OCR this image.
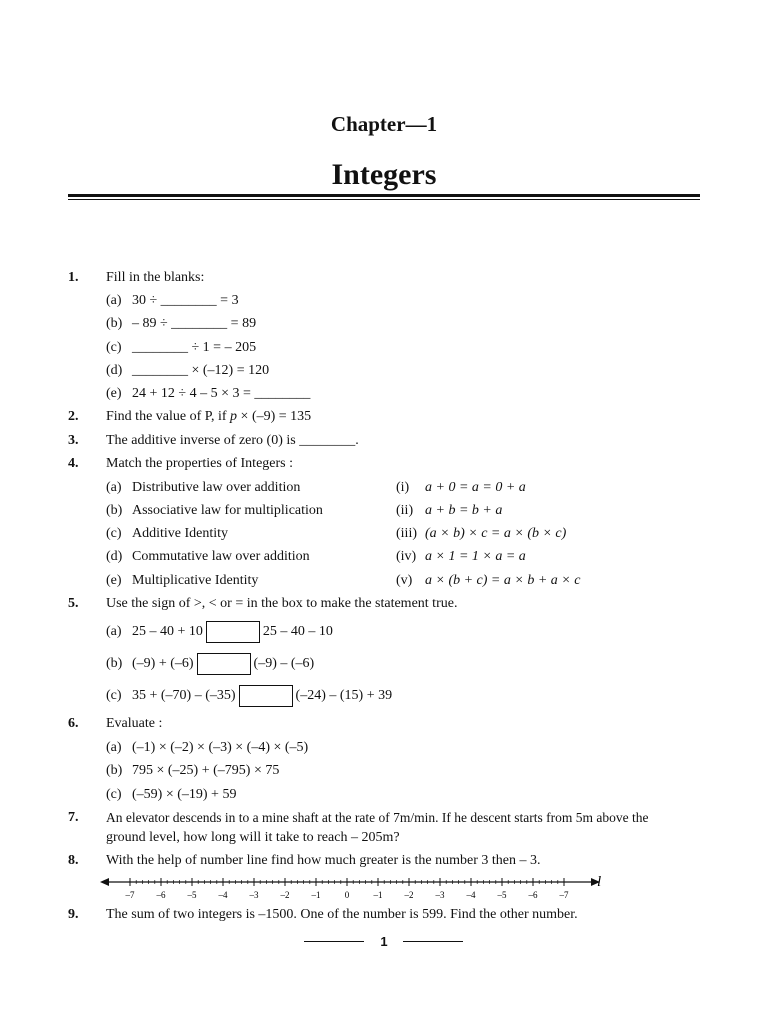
Chapter—1
Integers
1. Fill in the blanks:
(a) 30 ÷ ________ = 3
(b) – 89 ÷ ________ = 89
(c) ________ ÷ 1 = – 205
(d) ________ × (–12) = 120
(e) 24 + 12 ÷ 4 – 5 × 3 = ________
2. Find the value of P, if p × (–9) = 135
3. The additive inverse of zero (0) is ________.
4. Match the properties of Integers :
(a) Distributive law over addition	(i) a + 0 = a = 0 + a
(b) Associative law for multiplication	(ii) a + b = b + a
(c) Additive Identity	(iii) (a × b) × c = a × (b × c)
(d) Commutative law over addition	(iv) a × 1 = 1 × a = a
(e) Multiplicative Identity	(v) a × (b + c) = a × b + a × c
5. Use the sign of >, < or = in the box to make the statement true.
(a) 25 – 40 + 10	25 – 40 – 10
(b) (–9) + (–6)	(–9) – (–6)
(c) 35 + (–70) – (–35)	(–24) – (15) + 39
6. Evaluate :
(a) (–1) × (–2) × (–3) × (–4) × (–5)
(b) 795 × (–25) + (–795) × 75
(c) (–59) × (–19) + 59
7. An elevator descends in to a mine shaft at the rate of 7m/min. If he descent starts from 5m above the
ground level, how long will it take to reach – 205m?
8. With the help of number line find how much greater is the number 3 then – 3.
–7 –6 –5 –4 –3 –2 –1	0	–1 –2 –3 –4 –5 –6 –7
l
9. The sum of two integers is –1500. One of the number is 599. Find the other number.
1
